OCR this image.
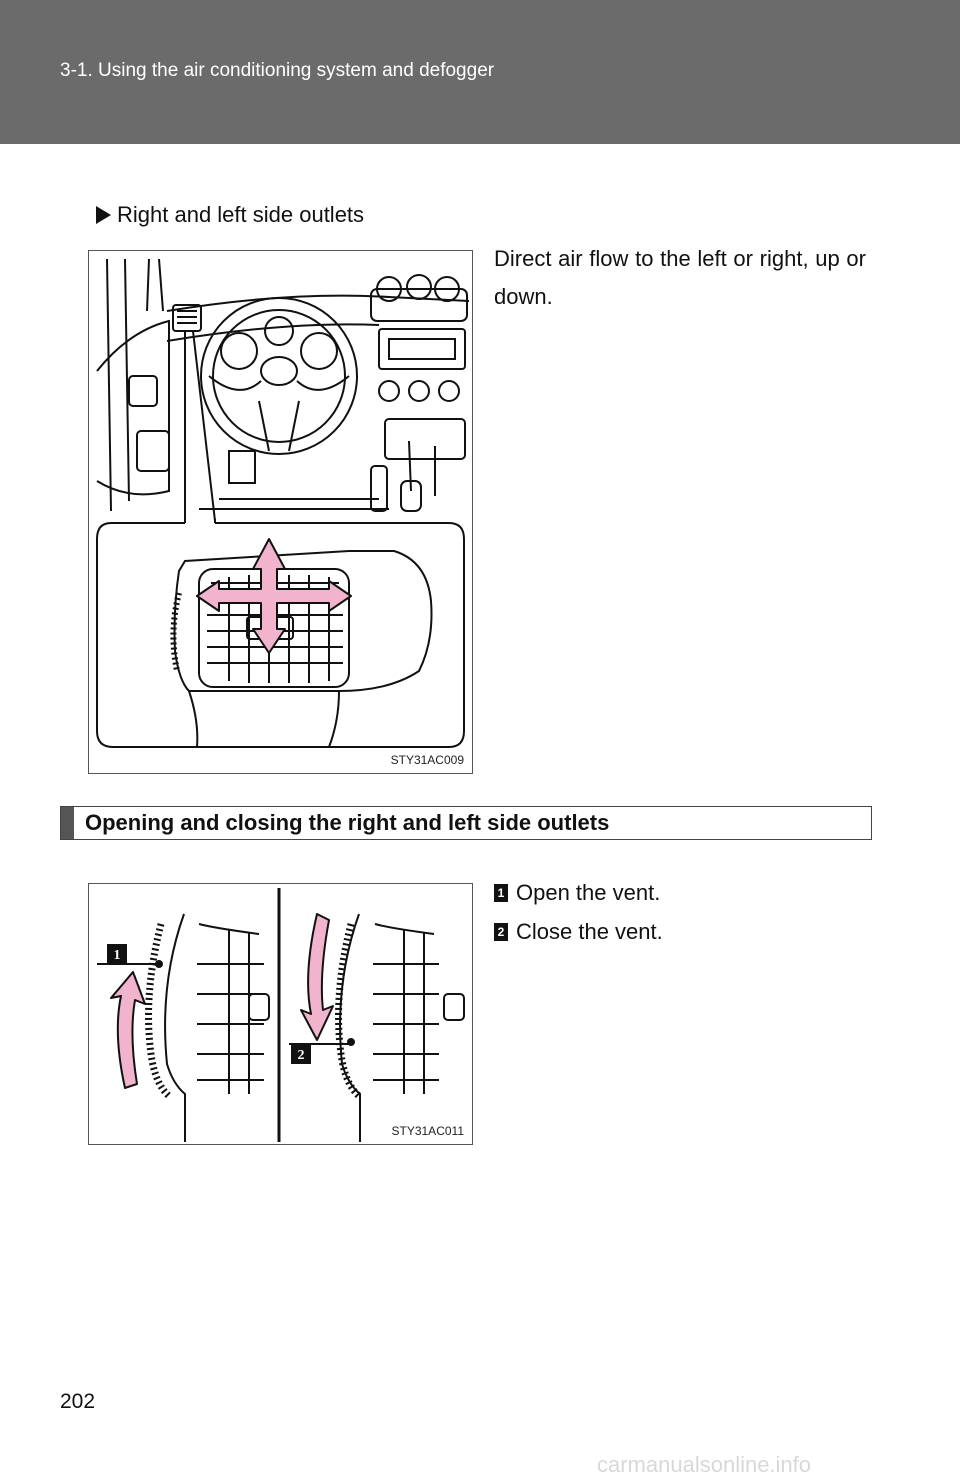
3-1. Using the air conditioning system and defogger
Right and left side outlets
Direct air flow to the left or right, up or down.
STY31AC009
Opening and closing the right and left side outlets
1
2
STY31AC011
1 Open the vent.
2 Close the vent.
202
carmanualsonline.info
